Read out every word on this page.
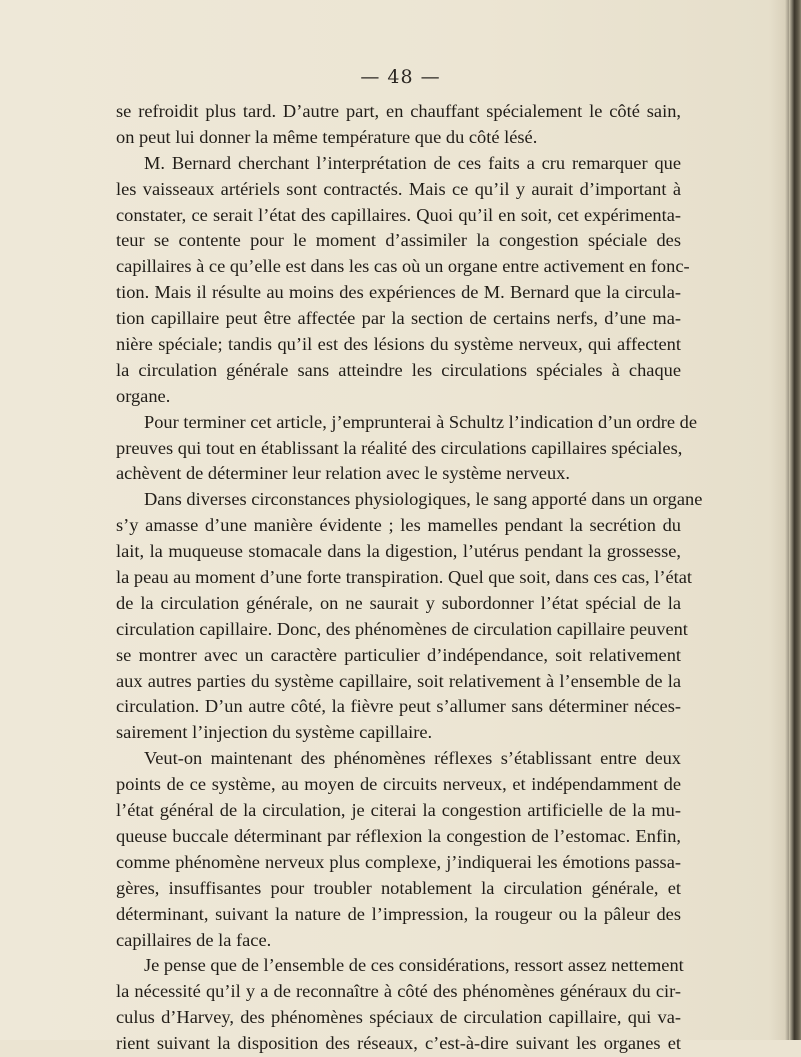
— 48 —
se refroidit plus tard. D’autre part, en chauffant spécialement le côté sain,
on peut lui donner la même température que du côté lésé.
M. Bernard cherchant l’interprétation de ces faits a cru remarquer que
les vaisseaux artériels sont contractés. Mais ce qu’il y aurait d’important à
constater, ce serait l’état des capillaires. Quoi qu’il en soit, cet expérimenta-
teur se contente pour le moment d’assimiler la congestion spéciale des
capillaires à ce qu’elle est dans les cas où un organe entre activement en fonc-
tion. Mais il résulte au moins des expériences de M. Bernard que la circula-
tion capillaire peut être affectée par la section de certains nerfs, d’une ma-
nière spéciale; tandis qu’il est des lésions du système nerveux, qui affectent
la circulation générale sans atteindre les circulations spéciales à chaque
organe.
Pour terminer cet article, j’emprunterai à Schultz l’indication d’un ordre de
preuves qui tout en établissant la réalité des circulations capillaires spéciales,
achèvent de déterminer leur relation avec le système nerveux.
Dans diverses circonstances physiologiques, le sang apporté dans un organe
s’y amasse d’une manière évidente ; les mamelles pendant la secrétion du
lait, la muqueuse stomacale dans la digestion, l’utérus pendant la grossesse,
la peau au moment d’une forte transpiration. Quel que soit, dans ces cas, l’état
de la circulation générale, on ne saurait y subordonner l’état spécial de la
circulation capillaire. Donc, des phénomènes de circulation capillaire peuvent
se montrer avec un caractère particulier d’indépendance, soit relativement
aux autres parties du système capillaire, soit relativement à l’ensemble de la
circulation. D’un autre côté, la fièvre peut s’allumer sans déterminer néces-
sairement l’injection du système capillaire.
Veut-on maintenant des phénomènes réflexes s’établissant entre deux
points de ce système, au moyen de circuits nerveux, et indépendamment de
l’état général de la circulation, je citerai la congestion artificielle de la mu-
queuse buccale déterminant par réflexion la congestion de l’estomac. Enfin,
comme phénomène nerveux plus complexe, j’indiquerai les émotions passa-
gères, insuffisantes pour troubler notablement la circulation générale, et
déterminant, suivant la nature de l’impression, la rougeur ou la pâleur des
capillaires de la face.
Je pense que de l’ensemble de ces considérations, ressort assez nettement
la nécessité qu’il y a de reconnaître à côté des phénomènes généraux du cir-
culus d’Harvey, des phénomènes spéciaux de circulation capillaire, qui va-
rient suivant la disposition des réseaux, c’est-à-dire suivant les organes et
